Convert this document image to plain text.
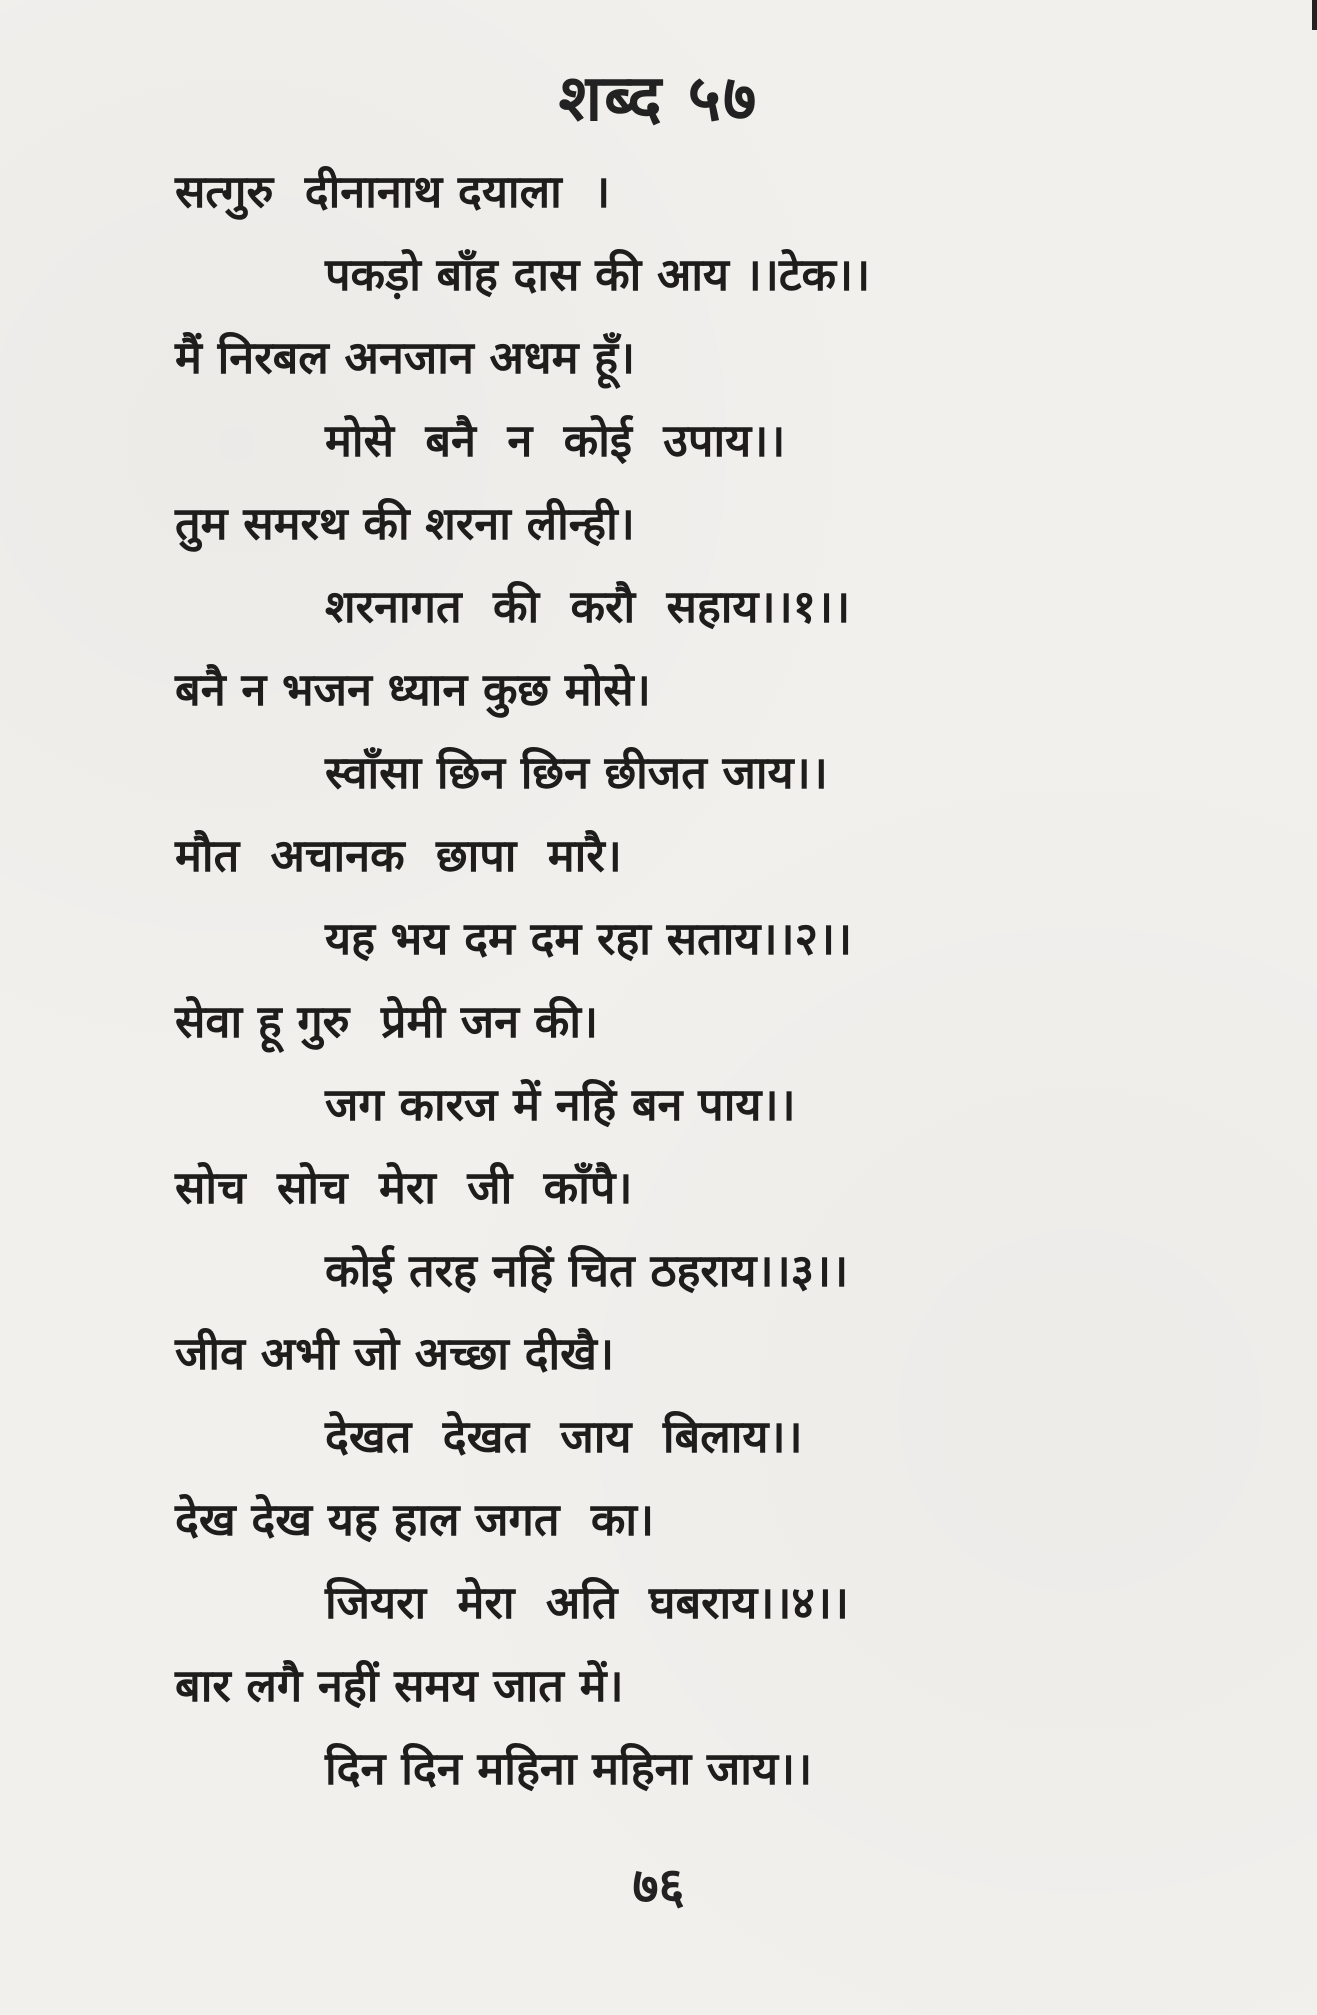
शब्द ५७
सत्गुरु  दीनानाथ दयाला  ।
पकड़ो बाँह दास की आय ।।टेक।।
मैं निरबल अनजान अधम हूँ।
मोसे  बनै  न  कोई  उपाय।।
तुम समरथ की शरना लीन्ही।
शरनागत  की  करौ  सहाय।।१।।
बनै न भजन ध्यान कुछ मोसे।
स्वाँसा छिन छिन छीजत जाय।।
मौत  अचानक  छापा  मारै।
यह भय दम दम रहा सताय।।२।।
सेवा हू गुरु  प्रेमी जन की।
जग कारज में नहिं बन पाय।।
सोच  सोच  मेरा  जी  काँपै।
कोई तरह नहिं चित ठहराय।।३।।
जीव अभी जो अच्छा दीखै।
देखत  देखत  जाय  बिलाय।।
देख देख यह हाल जगत  का।
जियरा  मेरा  अति  घबराय।।४।।
बार लगै नहीं समय जात में।
दिन दिन महिना महिना जाय।।

७६
